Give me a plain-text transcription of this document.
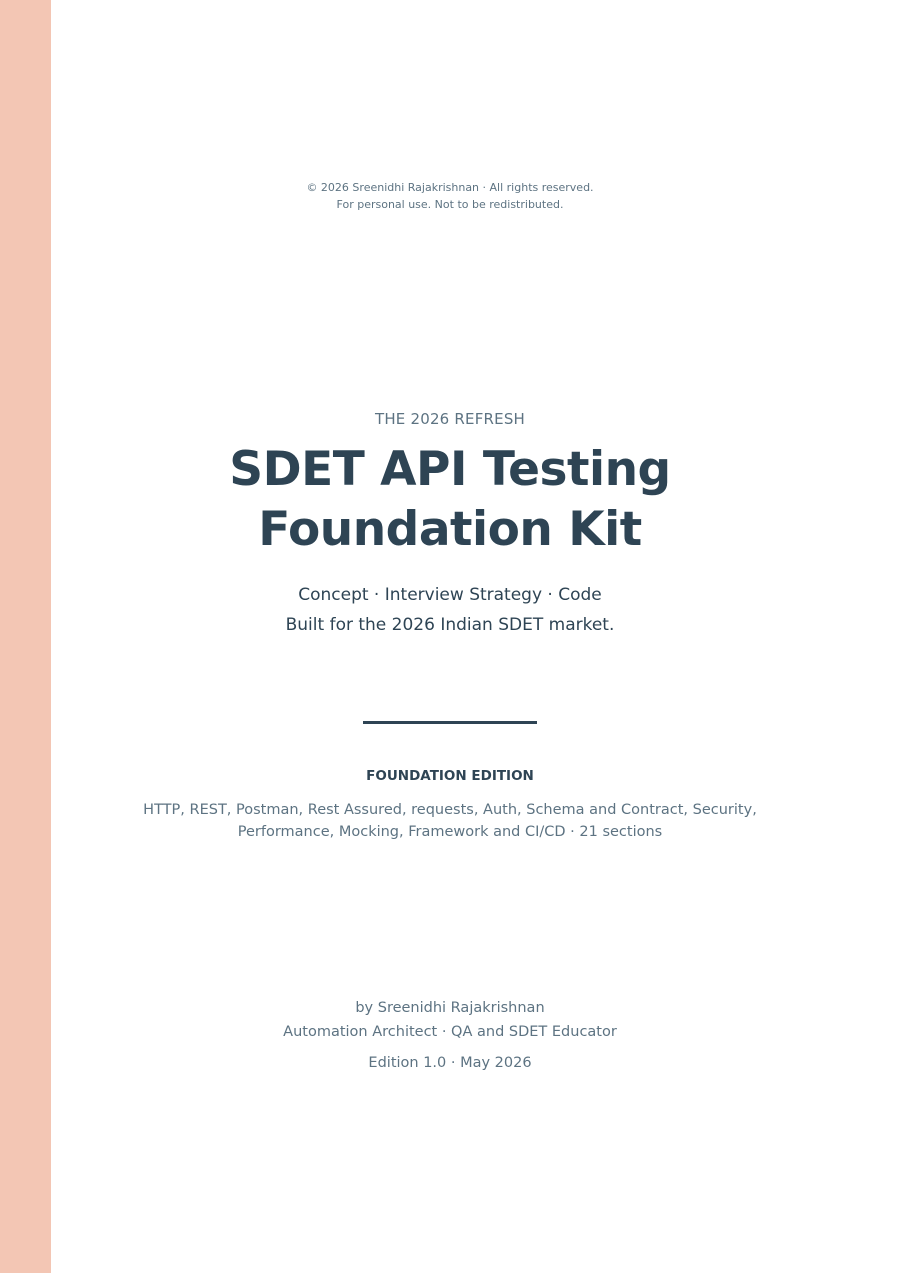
© 2026 Sreenidhi Rajakrishnan · All rights reserved.
For personal use. Not to be redistributed.
THE 2026 REFRESH
SDET API Testing
Foundation Kit
Concept · Interview Strategy · Code
Built for the 2026 Indian SDET market.
FOUNDATION EDITION
HTTP, REST, Postman, Rest Assured, requests, Auth, Schema and Contract, Security,
Performance, Mocking, Framework and CI/CD · 21 sections
by Sreenidhi Rajakrishnan
Automation Architect · QA and SDET Educator
Edition 1.0 · May 2026
